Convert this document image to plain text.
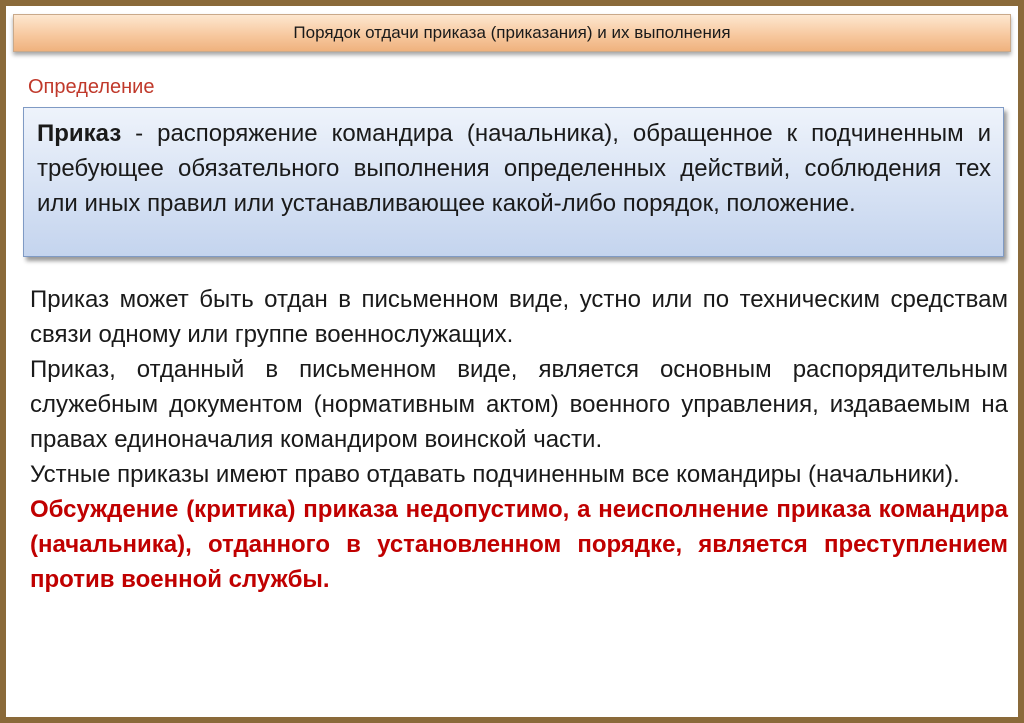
Порядок отдачи приказа (приказания) и их выполнения
Определение

Приказ - распоряжение командира (начальника), обращенное к подчиненным и требующее обязательного выполнения определенных действий, соблюдения тех или иных правил или устанавливающее какой-либо порядок, положение.

Приказ может быть отдан в письменном виде, устно или по техническим средствам связи одному или группе военнослужащих.

Приказ, отданный в письменном виде, является основным распорядительным служебным документом (нормативным актом) военного управления, издаваемым на правах единоначалия командиром воинской части.

Устные приказы имеют право отдавать подчиненным все командиры (начальники).

Обсуждение (критика) приказа недопустимо, а неисполнение приказа командира (начальника), отданного в установленном порядке, является преступлением против военной службы.
